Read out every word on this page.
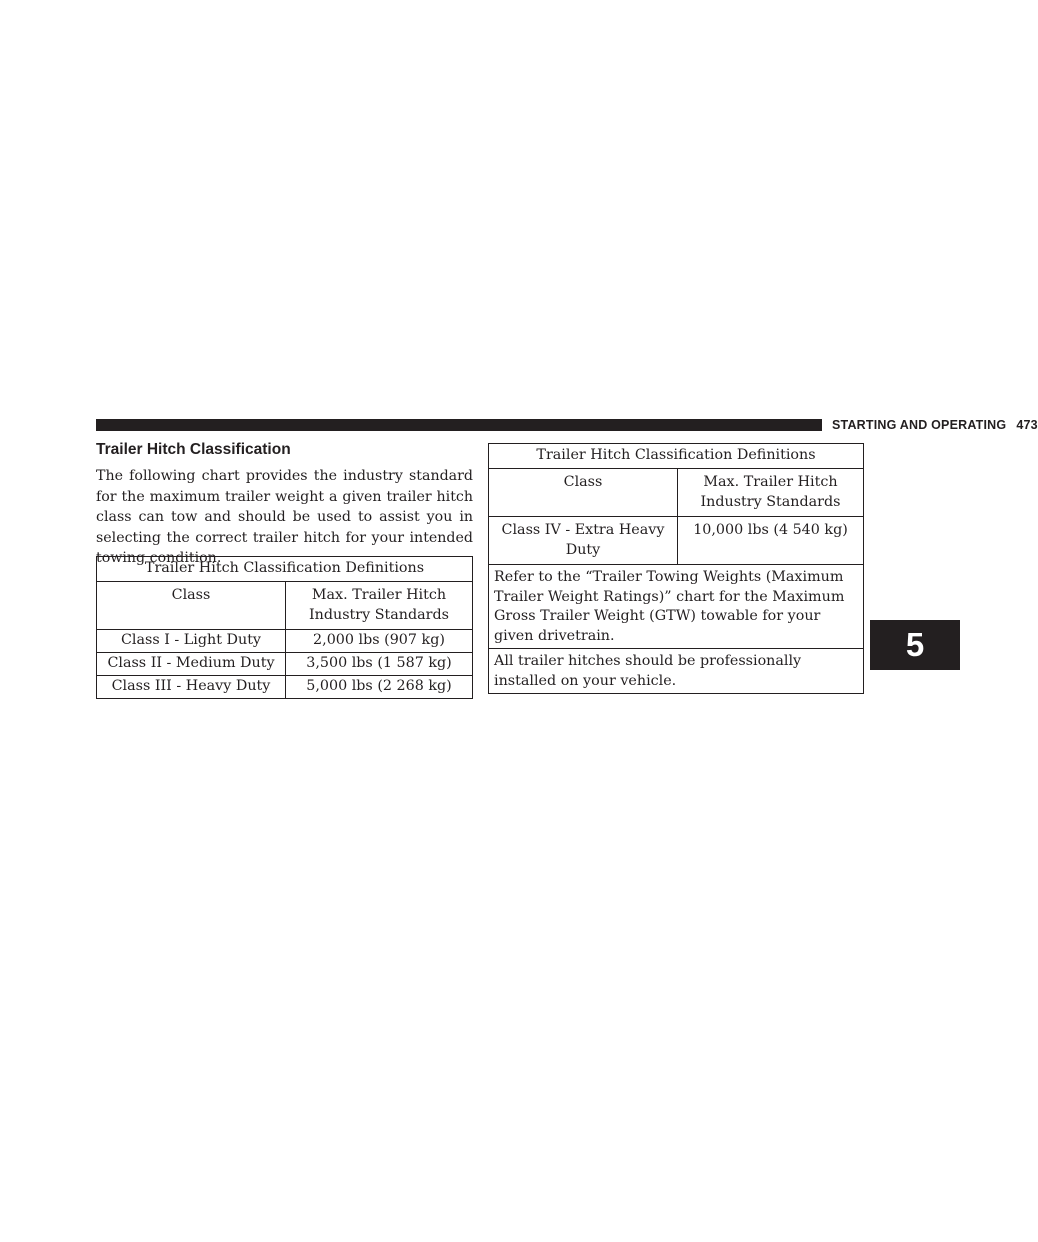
STARTING AND OPERATING 473
Trailer Hitch Classification
The following chart provides the industry standard for the maximum trailer weight a given trailer hitch class can tow and should be used to assist you in selecting the correct trailer hitch for your intended towing condition.
Trailer Hitch Classification Definitions	
Class	Max. Trailer Hitch
Industry Standards
Class I - Light Duty	2,000 lbs (907 kg)
Class II - Medium Duty	3,500 lbs (1 587 kg)
Class III - Heavy Duty	5,000 lbs (2 268 kg)
Trailer Hitch Classification Definitions	
Class	Max. Trailer Hitch
Industry Standards
Class IV - Extra Heavy
Duty	10,000 lbs (4 540 kg)
Refer to the “Trailer Towing Weights (Maximum Trailer Weight Ratings)” chart for the Maximum Gross Trailer Weight (GTW) towable for your given drivetrain.	
All trailer hitches should be professionally installed on your vehicle.	
5
